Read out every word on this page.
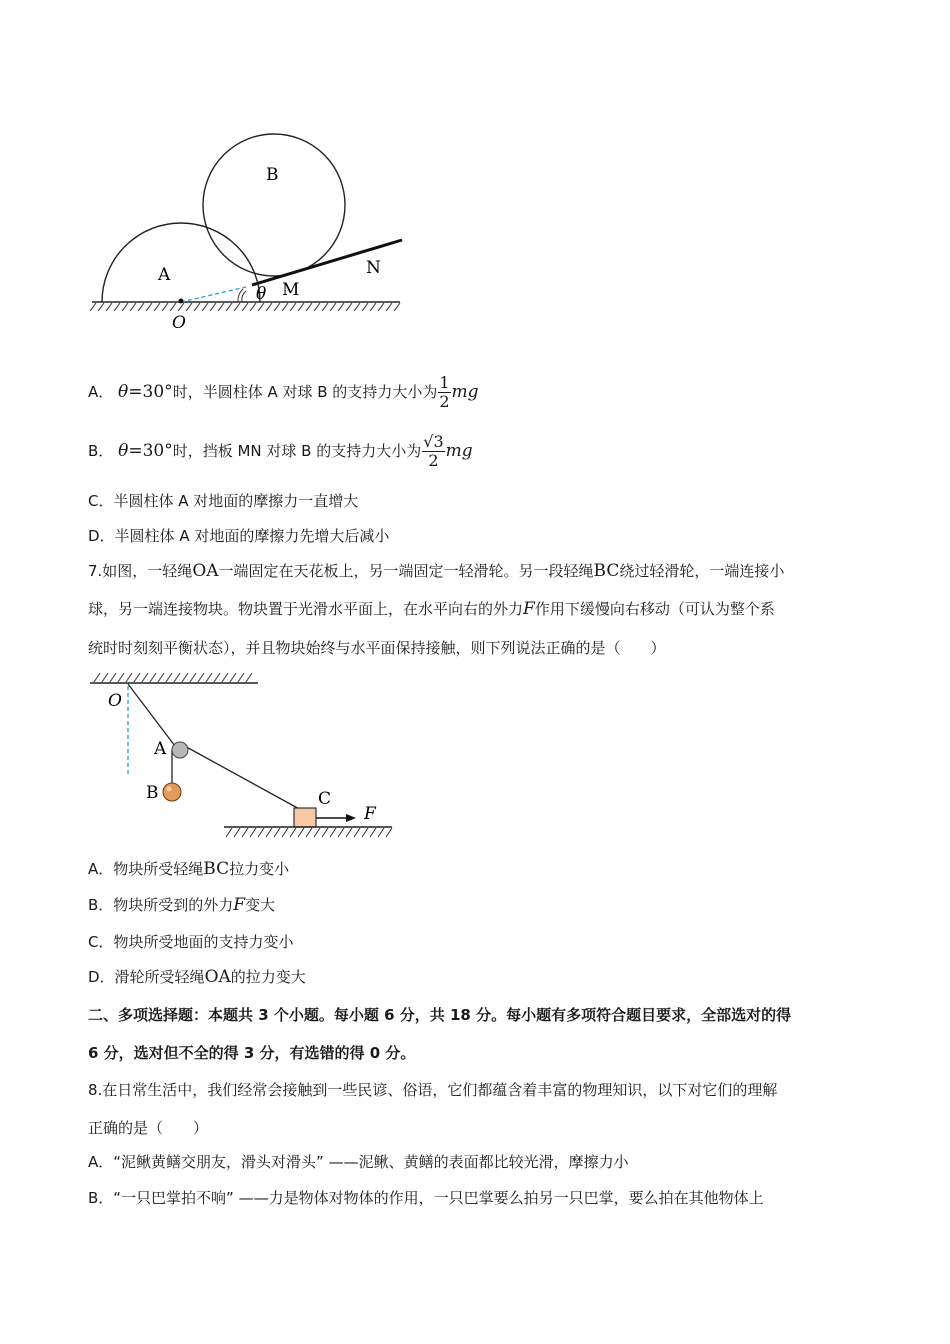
A
B
N
M
θ
O
A． θ=30°时，半圆柱体 A 对球 B 的支持力大小为 $\frac{1}{2}$ mg
B． θ=30°时，挡板 MN 对球 B 的支持力大小为 $\frac{√3}{2}$ mg
C．半圆柱体 A 对地面的摩擦力一直增大
D．半圆柱体 A 对地面的摩擦力先增大后减小
7.如图，一轻绳OA一端固定在天花板上，另一端固定一轻滑轮。另一段轻绳BC绕过轻滑轮，一端连接小
球，另一端连接物块。物块置于光滑水平面上，在水平向右的外力F作用下缓慢向右移动（可认为整个系
统时时刻刻平衡状态），并且物块始终与水平面保持接触，则下列说法正确的是（　　）
O
A
B	C
F
A．物块所受轻绳BC拉力变小
B．物块所受到的外力F变大
C．物块所受地面的支持力变小
D．滑轮所受轻绳OA的拉力变大
二、多项选择题：本题共 3 个小题。每小题 6 分，共 18 分。每小题有多项符合题目要求，全部选对的得
6 分，选对但不全的得 3 分，有选错的得 0 分。
8.在日常生活中，我们经常会接触到一些民谚、俗语，它们都蕴含着丰富的物理知识，以下对它们的理解
正确的是（　　）
A．“泥鳅黄鳝交朋友，滑头对滑头” ——泥鳅、黄鳝的表面都比较光滑，摩擦力小
B．“一只巴掌拍不响” ——力是物体对物体的作用，一只巴掌要么拍另一只巴掌，要么拍在其他物体上
